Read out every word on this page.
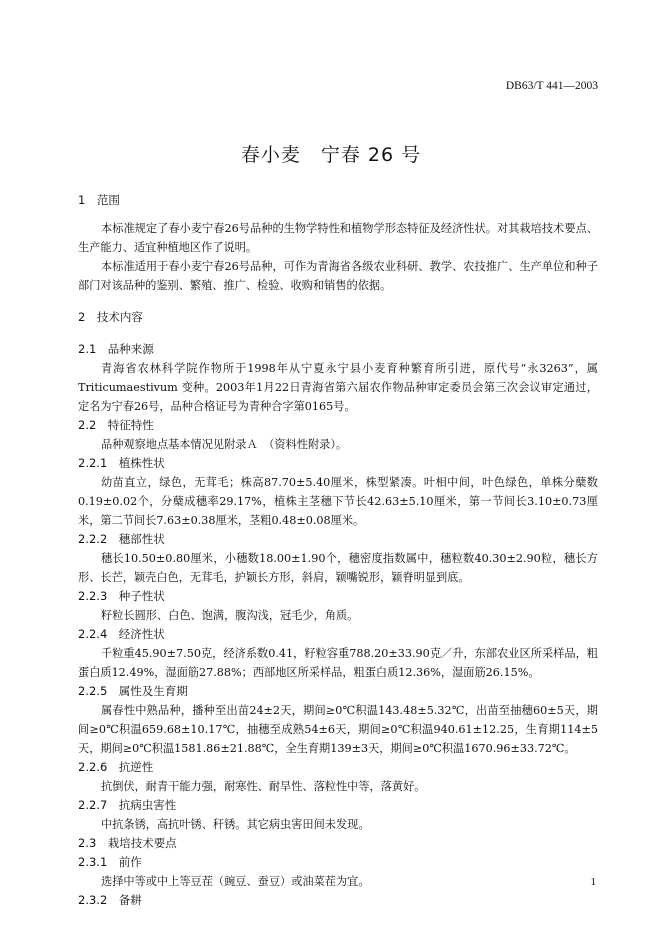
DB63/T 441—2003
春小麦　宁春 26 号
1　范围

本标准规定了春小麦宁春26号品种的生物学特性和植物学形态特征及经济性状。对其栽培技术要点、生产能力、适宜种植地区作了说明。

本标准适用于春小麦宁春26号品种，可作为青海省各级农业科研、教学、农技推广、生产单位和种子部门对该品种的鉴别、繁殖、推广、检验、收购和销售的依据。

2　技术内容
2.1　品种来源

青海省农林科学院作物所于1998年从宁夏永宁县小麦育种繁育所引进，原代号“永3263”，属Triticumaestivum 变种。2003年1月22日青海省第六届农作物品种审定委员会第三次会议审定通过，定名为宁春26号，品种合格证号为青种合字第0165号。

2.2　特征特性

品种观察地点基本情况见附录Ａ　（资料性附录）。

2.2.1　植株性状

幼苗直立，绿色，无茸毛；株高87.70±5.40厘米，株型紧凑。叶相中间，叶色绿色，单株分蘖数0.19±0.02个，分蘖成穗率29.17%，植株主茎穗下节长42.63±5.10厘米，第一节间长3.10±0.73厘米，第二节间长7.63±0.38厘米，茎粗0.48±0.08厘米。

2.2.2　穗部性状

穗长10.50±0.80厘米，小穗数18.00±1.90个，穗密度指数属中，穗粒数40.30±2.90粒，穗长方形、长芒，颖壳白色，无茸毛，护颖长方形，斜肩，颖嘴锐形，颖脊明显到底。

2.2.3　种子性状

籽粒长圆形、白色、饱满，腹沟浅，冠毛少，角质。

2.2.4　经济性状

千粒重45.90±7.50克，经济系数0.41，籽粒容重788.20±33.90克／升，东部农业区所采样品，粗蛋白质12.49%，湿面筋27.88%；西部地区所采样品，粗蛋白质12.36%，湿面筋26.15%。

2.2.5　属性及生育期

属春性中熟品种，播种至出苗24±2天，期间≥0℃积温143.48±5.32℃，出苗至抽穗60±5天，期间≥0℃积温659.68±10.17℃，抽穗至成熟54±6天，期间≥0℃积温940.61±12.25，生育期114±5天，期间≥0℃积温1581.86±21.88℃，全生育期139±3天，期间≥0℃积温1670.96±33.72℃。

2.2.6　抗逆性

抗倒伏，耐青干能力强，耐寒性、耐旱性、落粒性中等，落黄好。

2.2.7　抗病虫害性

中抗条锈，高抗叶锈、秆锈。其它病虫害田间未发现。

2.3　栽培技术要点
2.3.1　前作

选择中等或中上等豆茬（豌豆、蚕豆）或油菜茬为宜。

2.3.2　备耕
1
